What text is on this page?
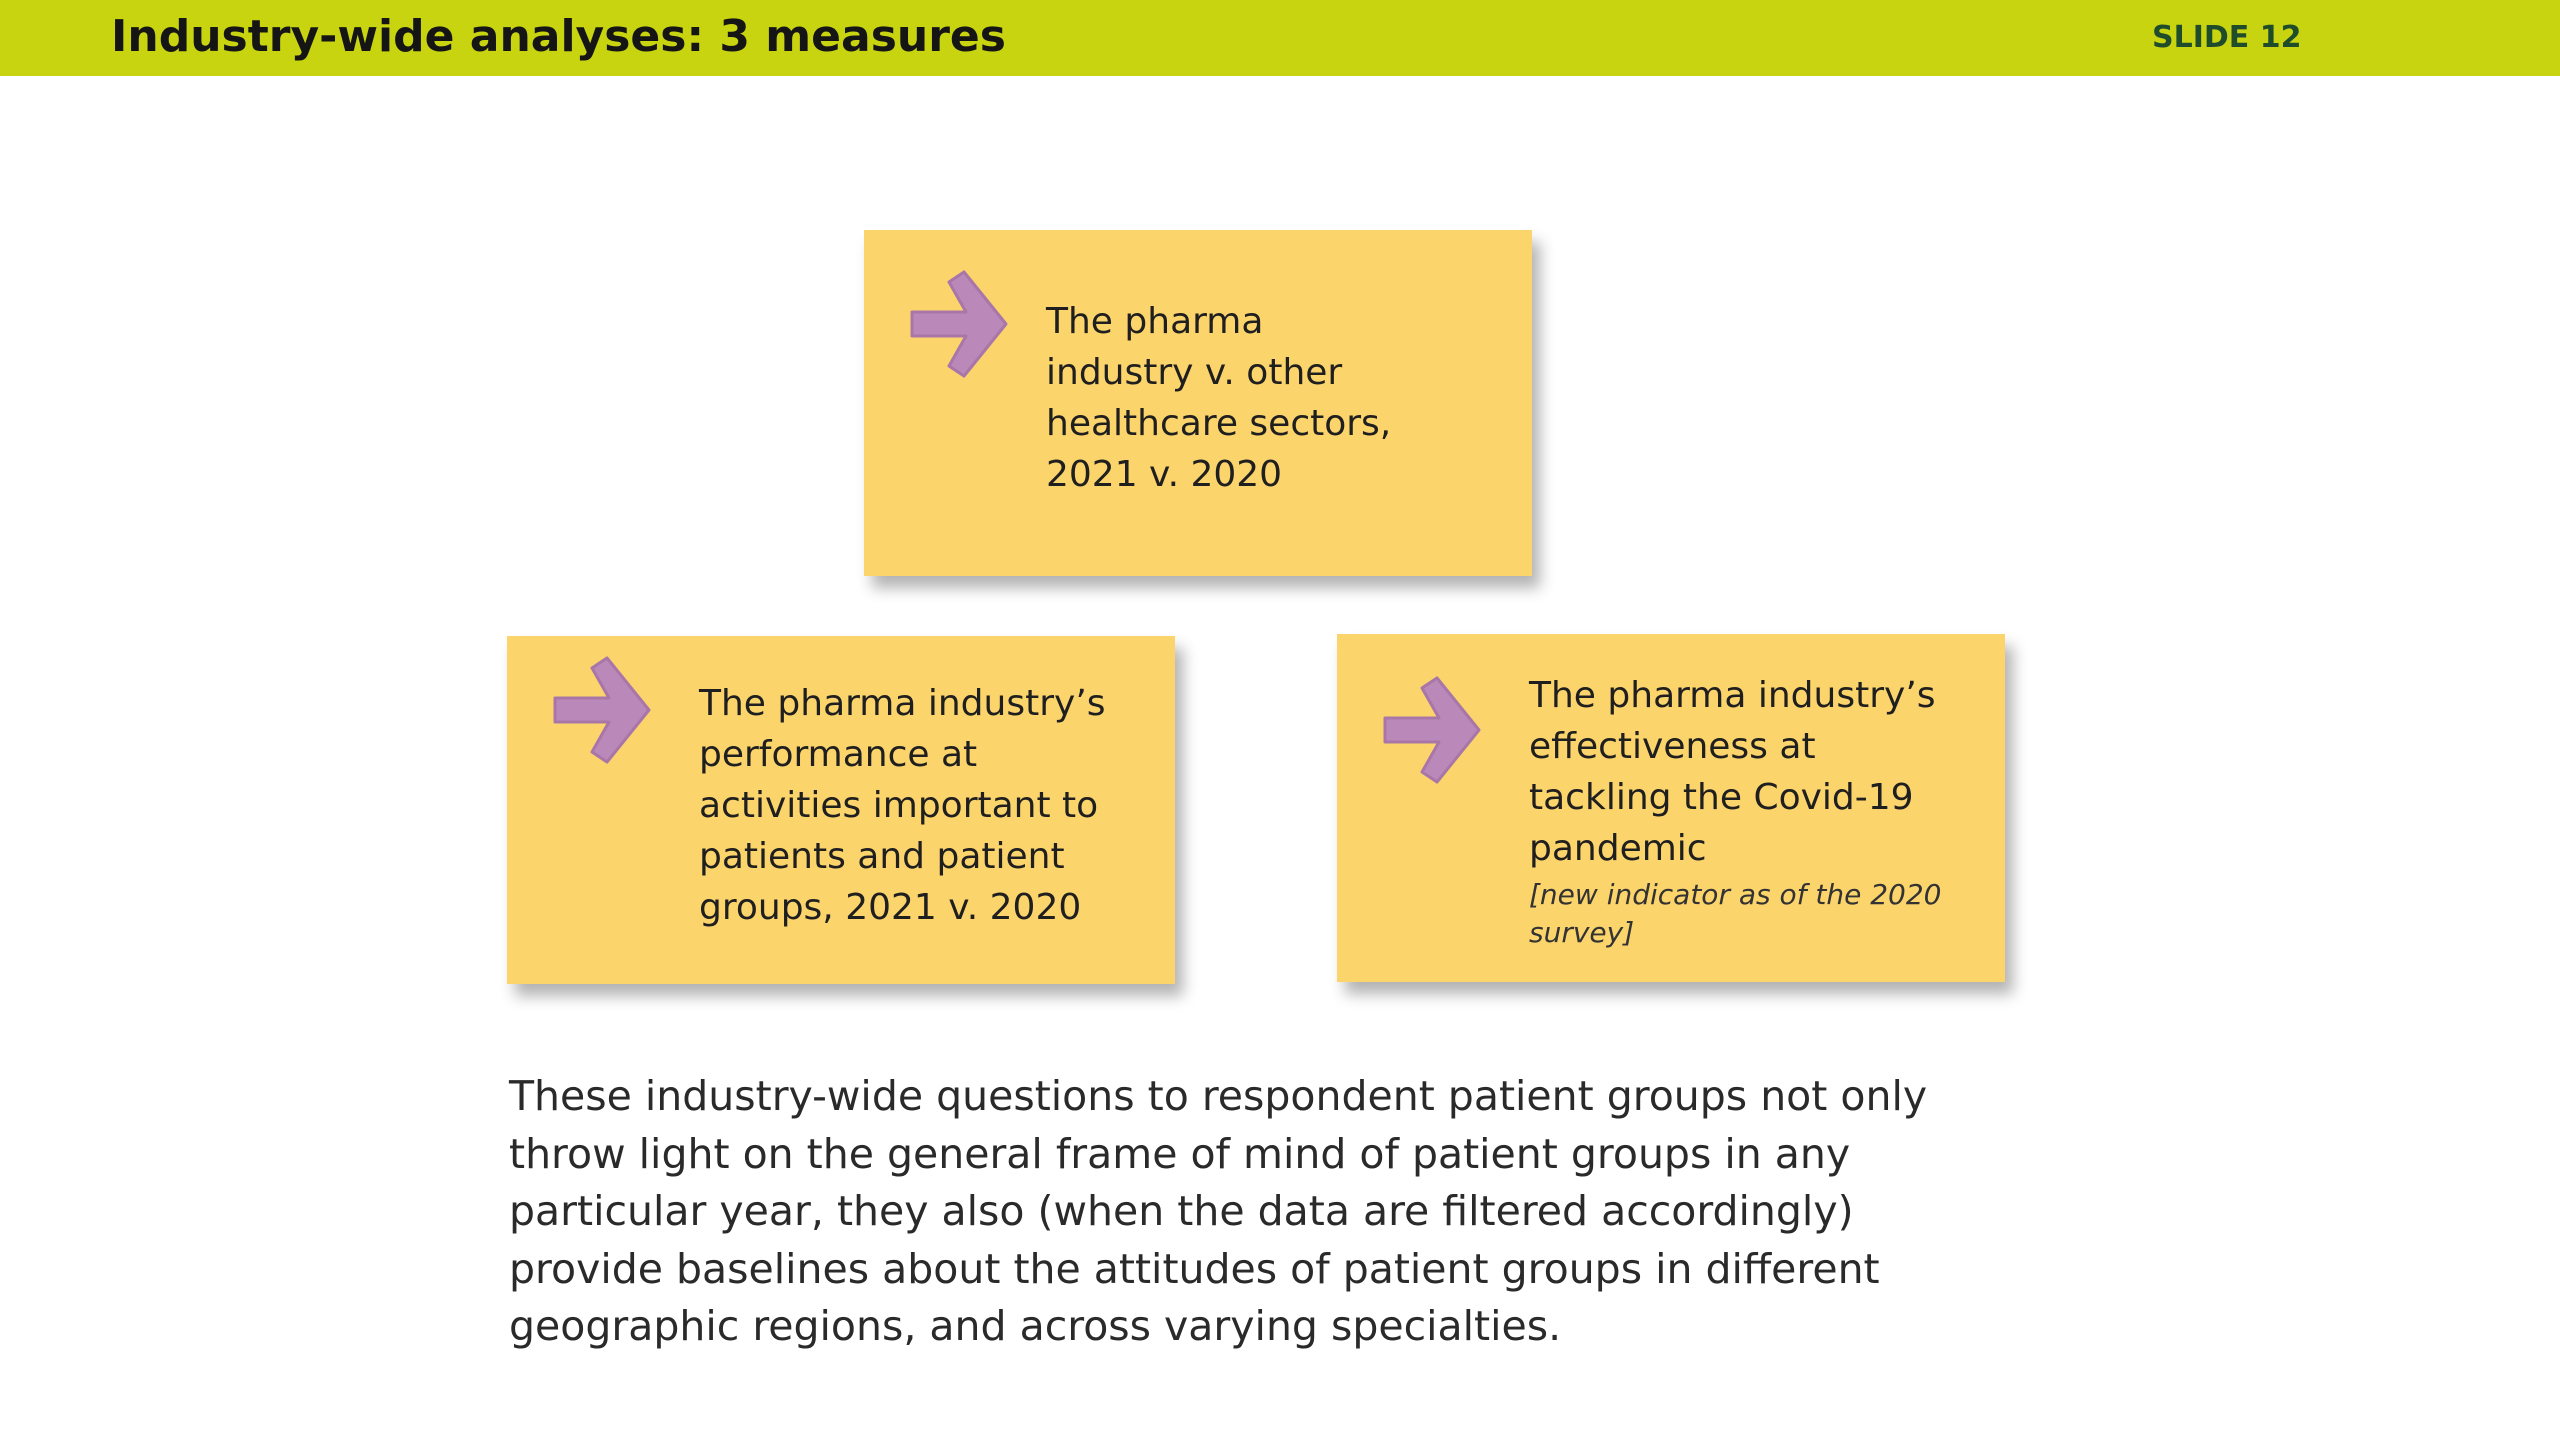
Industry-wide analyses: 3 measures	SLIDE 12
The pharma industry v. other healthcare sectors, 2021 v. 2020
The pharma industry’s performance at activities important to patients and patient groups, 2021 v. 2020
The pharma industry’s effectiveness at tackling the Covid-19 pandemic
[new indicator as of the 2020 survey]
These industry-wide questions to respondent patient groups not only throw light on the general frame of mind of patient groups in any particular year, they also (when the data are filtered accordingly) provide baselines about the attitudes of patient groups in different geographic regions, and across varying specialties.
